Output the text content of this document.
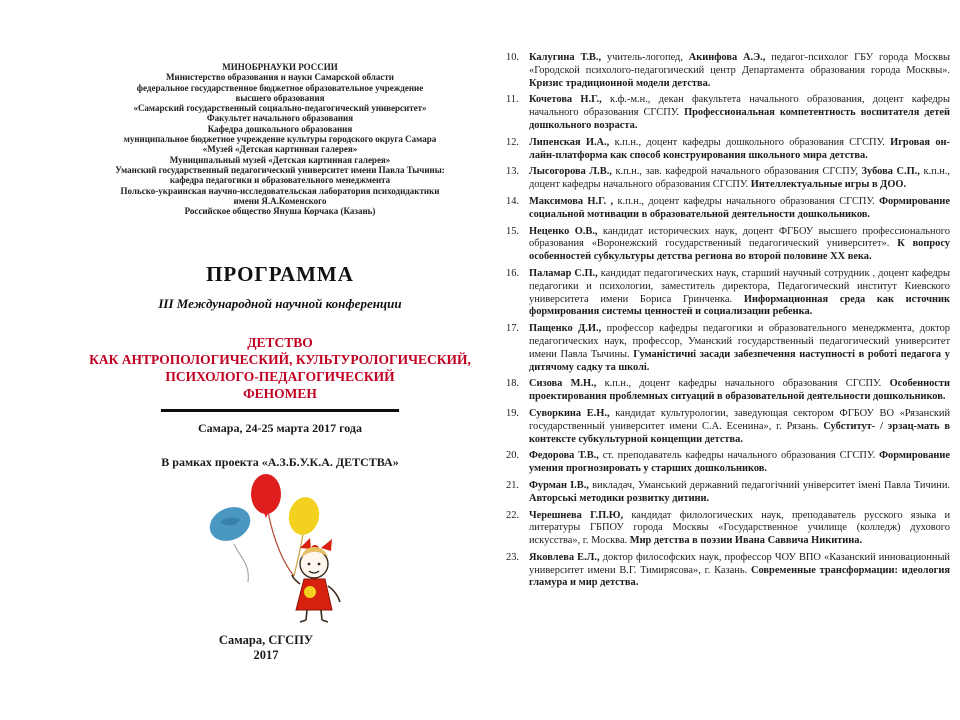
МИНОБРНАУКИ РОССИИ
Министерство образования и науки Самарской области
федеральное государственное бюджетное образовательное учреждение
высшего образования
«Самарский государственный социально-педагогический университет»
Факультет начального образования
Кафедра дошкольного образования
муниципальное бюджетное учреждение культуры городского округа Самара
«Музей «Детская картинная галерея»
Муниципальный музей «Детская картинная галерея»
Уманский государственный педагогический университет имени Павла Тычины:
кафедра педагогики и образовательного менеджмента
Польско-украинская научно-исследовательская лаборатория психодидактики
имени Я.А.Коменского
Российское общество Януша Корчака (Казань)
ПРОГРАММА
III Международной научной конференции
ДЕТСТВО
КАК АНТРОПОЛОГИЧЕСКИЙ, КУЛЬТУРОЛОГИЧЕСКИЙ,
ПСИХОЛОГО-ПЕДАГОГИЧЕСКИЙ
ФЕНОМЕН
Самара, 24-25 марта 2017 года
В рамках проекта «А.З.Б.У.К.А. ДЕТСТВА»
Самара, СГСПУ
2017
10. Калугина Т.В., учитель-логопед, Акинфова А.Э., педагог-психолог ГБУ города Москвы «Городской психолого-педагогический центр Департамента образования города Москвы». Кризис традиционной модели детства.
11. Кочетова Н.Г., к.ф.-м.н., декан факультета начального образования, доцент кафедры начального образования СГСПУ. Профессиональная компетентность воспитателя детей дошкольного возраста.
12. Липенская И.А., к.п.н., доцент кафедры дошкольного образования СГСПУ. Игровая он-лайн-платформа как способ конструирования школьного мира детства.
13. Лысогорова Л.В., к.п.н., зав. кафедрой начального образования СГСПУ, Зубова С.П., к.п.н., доцент кафедры начального образования СГСПУ. Интеллектуальные игры в ДОО.
14. Максимова Н.Г. , к.п.н., доцент кафедры начального образования СГСПУ. Формирование социальной мотивации в образовательной деятельности дошкольников.
15. Неценко О.В., кандидат исторических наук, доцент ФГБОУ высшего профессионального образования «Воронежский государственный педагогический университет». К вопросу особенностей субкультуры детства региона во второй половине XX века.
16. Паламар С.П., кандидат педагогических наук, старший научный сотрудник , доцент кафедры педагогики и психологии, заместитель директора, Педагогический институт Киевского университета имени Бориса Гринченка. Информационная среда как источник формирования системы ценностей и социализации ребенка.
17. Пащенко Д.И., профессор кафедры педагогики и образовательного менеджмента, доктор педагогических наук, профессор, Уманский государственный педагогический университет имени Павла Тычины. Гуманістичні засади забезпечення наступності в роботі педагога у дитячому садку та школі.
18. Сизова М.Н., к.п.н., доцент кафедры начального образования СГСПУ. Особенности проектирования проблемных ситуаций в образовательной деятельности дошкольников.
19. Суворкина Е.Н., кандидат культурологии, заведующая сектором ФГБОУ ВО «Рязанский государственный университет имени С.А. Есенина», г. Рязань. Субститут- / эрзац-мать в контексте субкультурной концепции детства.
20. Федорова Т.В., ст. преподаватель кафедры начального образования СГСПУ. Формирование умения прогнозировать у старших дошкольников.
21. Фурман І.В., викладач, Уманський державний педагогічний університет імені Павла Тичини. Авторські методики розвитку дитини.
22. Черешнева Г.П.Ю, кандидат филологических наук, преподаватель русского языка и литературы ГБПОУ города Москвы «Государственное училище (колледж) духового искусства», г. Москва. Мир детства в поэзии Ивана Саввича Никитина.
23. Яковлева Е.Л., доктор философских наук, профессор ЧОУ ВПО «Казанский инновационный университет имени В.Г. Тимирясова», г. Казань. Современные трансформации: идеология гламура и мир детства.
